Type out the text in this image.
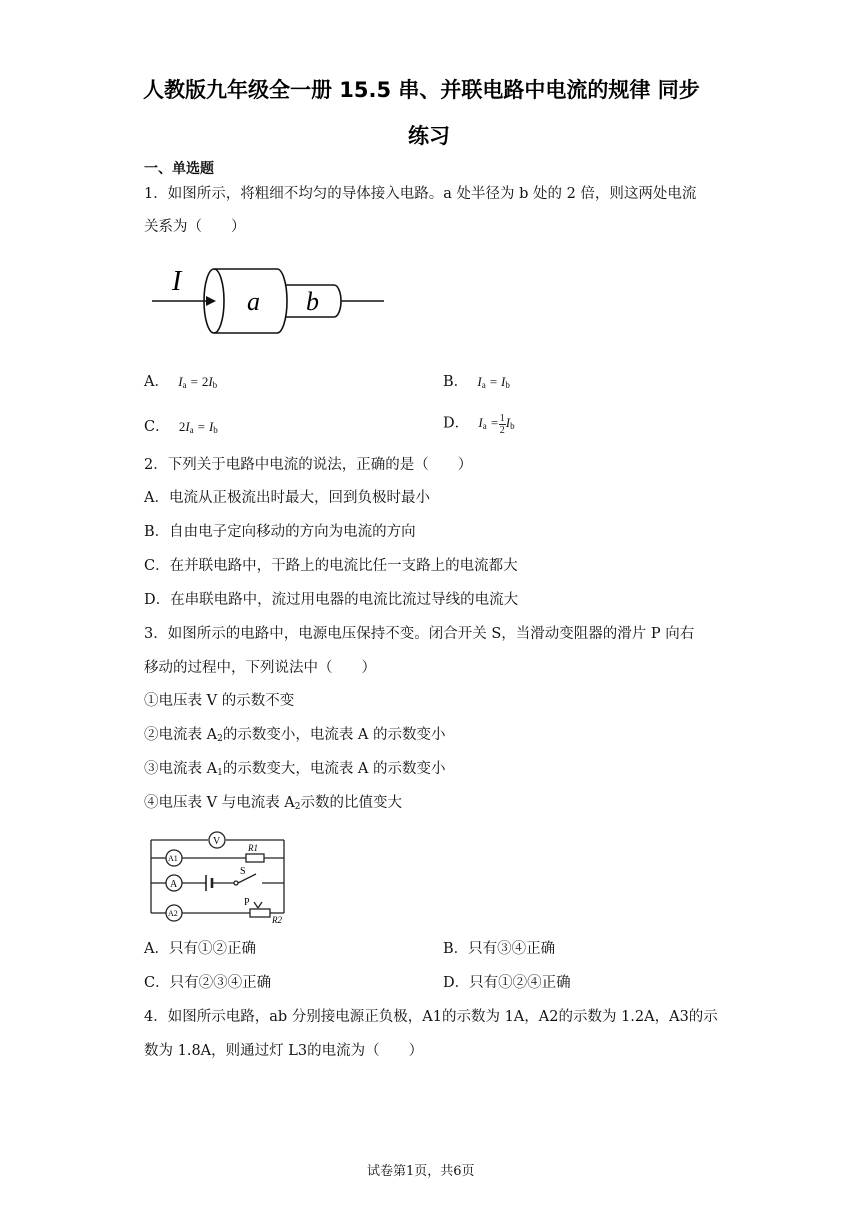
人教版九年级全一册 15.5 串、并联电路中电流的规律 同步
练习
一、单选题
1．如图所示，将粗细不均匀的导体接入电路。a 处半径为 b 处的 2 倍，则这两处电流
关系为（　　）
I
a b
A． $I_a = 2I_b$	B． $I_a = I_b$
C． $2I_a = I_b$	D． $I_a = \frac{1}{2} I_b$
2．下列关于电路中电流的说法，正确的是（　　）
A．电流从正极流出时最大，回到负极时最小
B．自由电子定向移动的方向为电流的方向
C．在并联电路中，干路上的电流比任一支路上的电流都大
D．在串联电路中，流过用电器的电流比流过导线的电流大
3．如图所示的电路中，电源电压保持不变。闭合开关 S，当滑动变阻器的滑片 P 向右
移动的过程中，下列说法中（　　）
①电压表 V 的示数不变
②电流表 $A_2$的示数变小，电流表 A 的示数变小
③电流表 $A_1$的示数变大，电流表 A 的示数变小
④电压表 V 与电流表 $A_2$示数的比值变大
V
A1
A
A2
R1
S
P
R2
A．只有①②正确	B．只有③④正确
C．只有②③④正确	D．只有①②④正确
4．如图所示电路，ab 分别接电源正负极，A1的示数为 1A，A2的示数为 1.2A，A3的示
数为 1.8A，则通过灯 L3的电流为（　　）
试卷第1页，共6页
